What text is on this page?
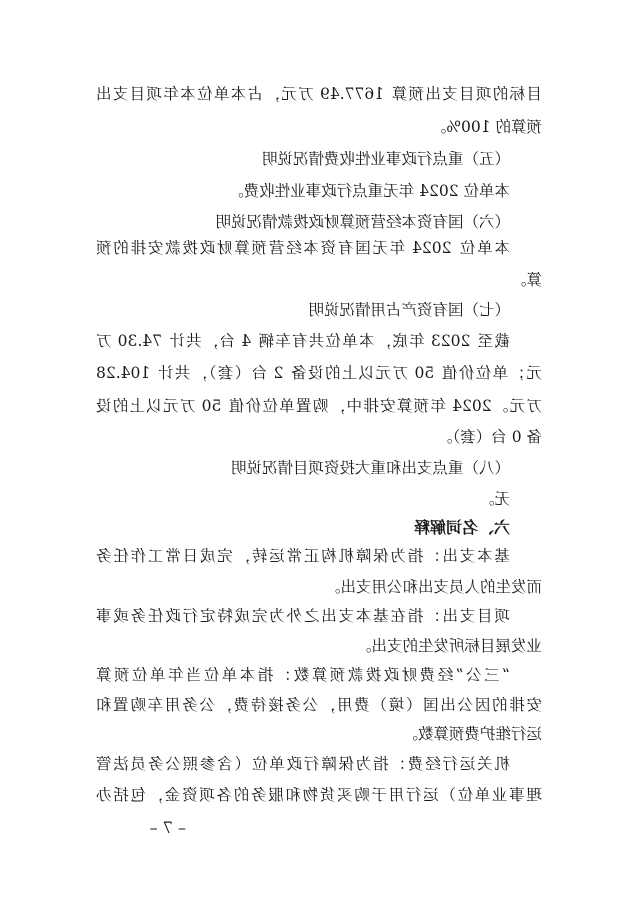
目标的项目支出预算 1677.49 万元，占本单位本年项目支出
预算的 100%。
（五）重点行政事业性收费情况说明
本单位 2024 年无重点行政事业性收费。
（六）国有资本经营预算财政拨款情况说明
本单位 2024 年无国有资本经营预算财政拨款安排的预
算。
（七）国有资产占用情况说明
截至 2023 年底，本单位共有车辆 4 台，共计 74.30 万
元；单位价值 50 万元以上的设备 2 台（套），共计 104.28
万元。2024 年预算安排中，购置单位价值 50 万元以上的设
备 0 台（套）。
（八）重点支出和重大投资项目情况说明
无。
六、名词解释
基本支出：指为保障机构正常运转，完成日常工作任务
而发生的人员支出和公用支出。
项目支出：指在基本支出之外为完成特定行政任务或事
业发展目标所发生的支出。
“三公”经费财政拨款预算数：指本单位当年单位预算
安排的因公出国（境）费用，公务接待费，公务用车购置和
运行维护费预算数。
机关运行经费：指为保障行政单位（含参照公务员法管
理事业单位）运行用于购买货物和服务的各项资金，包括办
– 7 –
